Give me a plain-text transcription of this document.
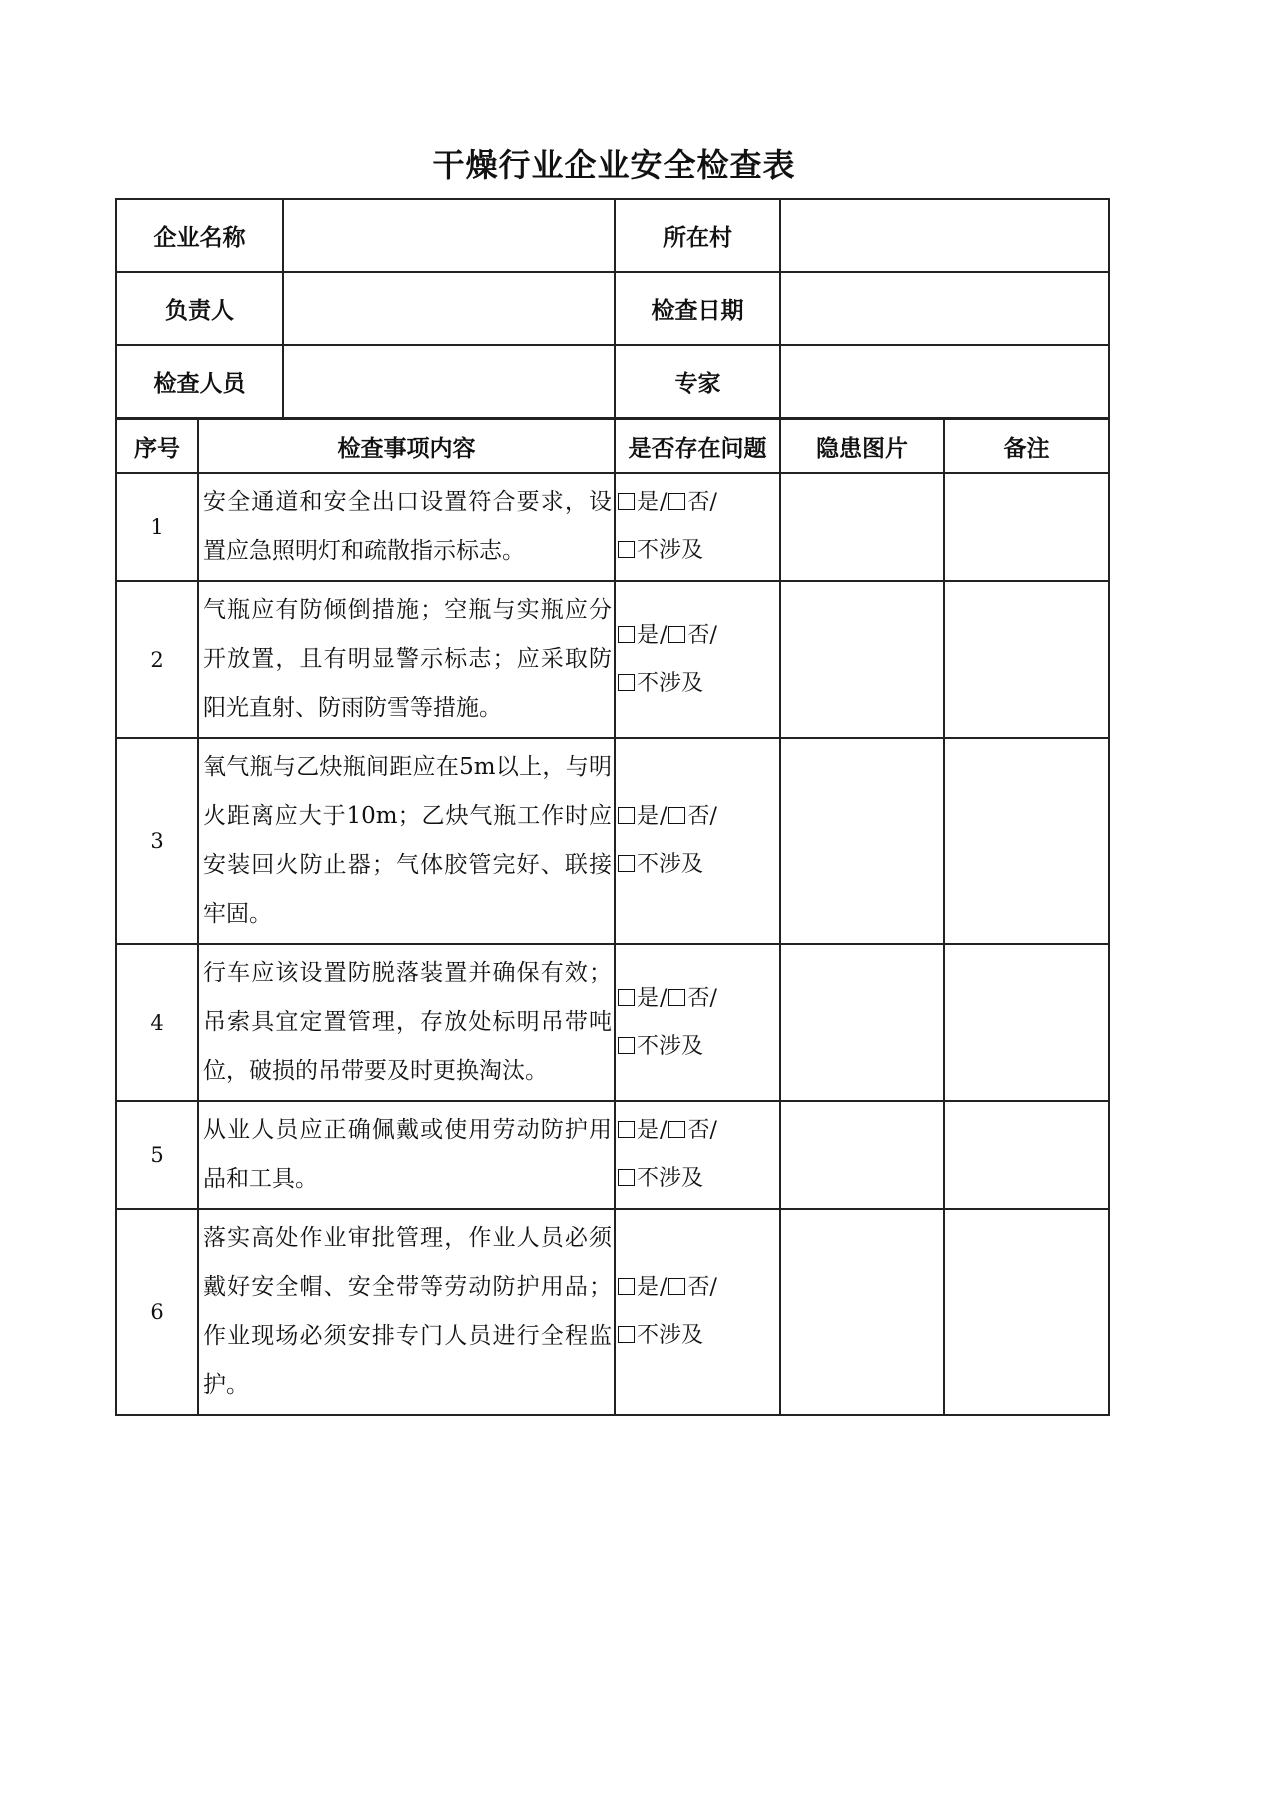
干燥行业企业安全检查表
企业名称		所在村	
负责人		检查日期	
检查人员		专家	
序号	检查事项内容	是否存在问题	隐患图片	备注
1	安全通道和安全出口设置符合要求，设置应急照明灯和疏散指示标志。	是/ 否/
不涉及		

2	气瓶应有防倾倒措施；空瓶与实瓶应分开放置，且有明显警示标志；应采取防阳光直射、防雨防雪等措施。	是/ 否/
不涉及		

3	氧气瓶与乙炔瓶间距应在5m以上，与明火距离应大于10m；乙炔气瓶工作时应安装回火防止器；气体胶管完好、联接牢固。	是/ 否/
不涉及		

4	行车应该设置防脱落装置并确保有效；吊索具宜定置管理，存放处标明吊带吨位，破损的吊带要及时更换淘汰。	是/ 否/
不涉及		

5	从业人员应正确佩戴或使用劳动防护用品和工具。	是/ 否/
不涉及		

6	落实高处作业审批管理，作业人员必须戴好安全帽、安全带等劳动防护用品；作业现场必须安排专门人员进行全程监护。	是/ 否/
不涉及		
